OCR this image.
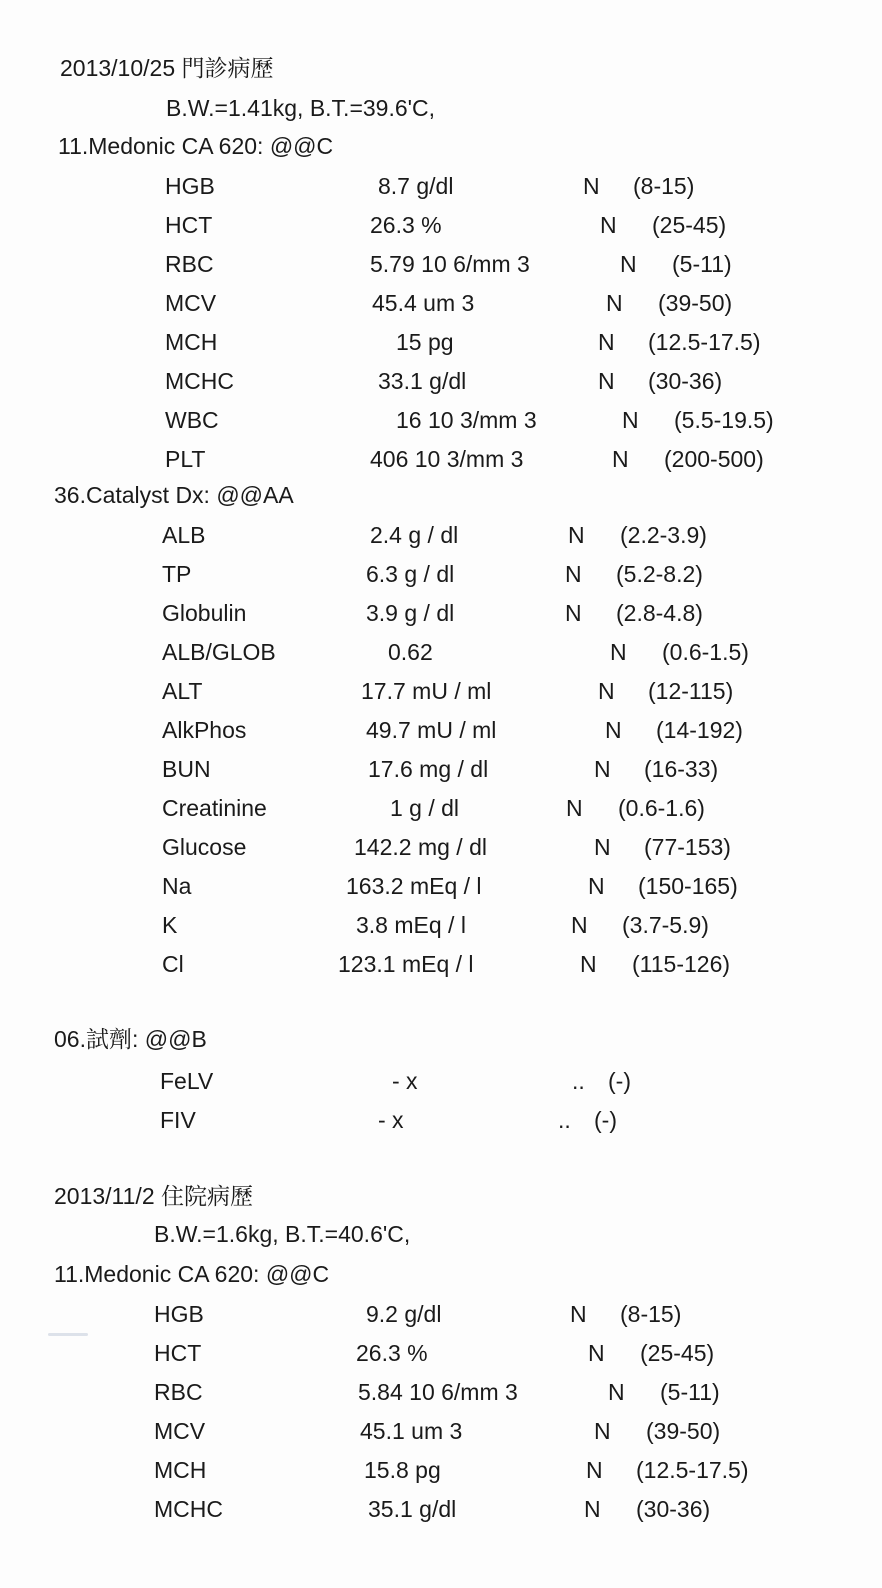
2013/10/25 門診病歷
B.W.=1.41kg, B.T.=39.6'C,
11.Medonic CA 620: @@C
HGB	8.7 g/dl	N (8-15)
HCT	26.3 %	N (25-45)
RBC	5.79 10 6/mm 3	N (5-11)
MCV	45.4 um 3	N (39-50)
MCH	15 pg	N (12.5-17.5)
MCHC	33.1 g/dl	N (30-36)
WBC	16 10 3/mm 3	N (5.5-19.5)
PLT	406 10 3/mm 3	N (200-500)
36.Catalyst Dx: @@AA
ALB	2.4 g / dl	N (2.2-3.9)
TP	6.3 g / dl	N (5.2-8.2)
Globulin	3.9 g / dl	N (2.8-4.8)
ALB/GLOB	0.62	N (0.6-1.5)
ALT	17.7 mU / ml	N (12-115)
AlkPhos	49.7 mU / ml	N (14-192)
BUN	17.6 mg / dl	N (16-33)
Creatinine	1 g / dl	N (0.6-1.6)
Glucose	142.2 mg / dl	N (77-153)
Na	163.2 mEq / l	N (150-165)
K	3.8 mEq / l	N (3.7-5.9)
Cl	123.1 mEq / l	N (115-126)
06.試劑: @@B
FeLV	- x	.. (-)
FIV	- x	.. (-)
2013/11/2 住院病歷
B.W.=1.6kg, B.T.=40.6'C,
11.Medonic CA 620: @@C
HGB	9.2 g/dl	N (8-15)
HCT	26.3 %	N (25-45)
RBC	5.84 10 6/mm 3	N (5-11)
MCV	45.1 um 3	N (39-50)
MCH	15.8 pg	N (12.5-17.5)
MCHC	35.1 g/dl	N (30-36)
